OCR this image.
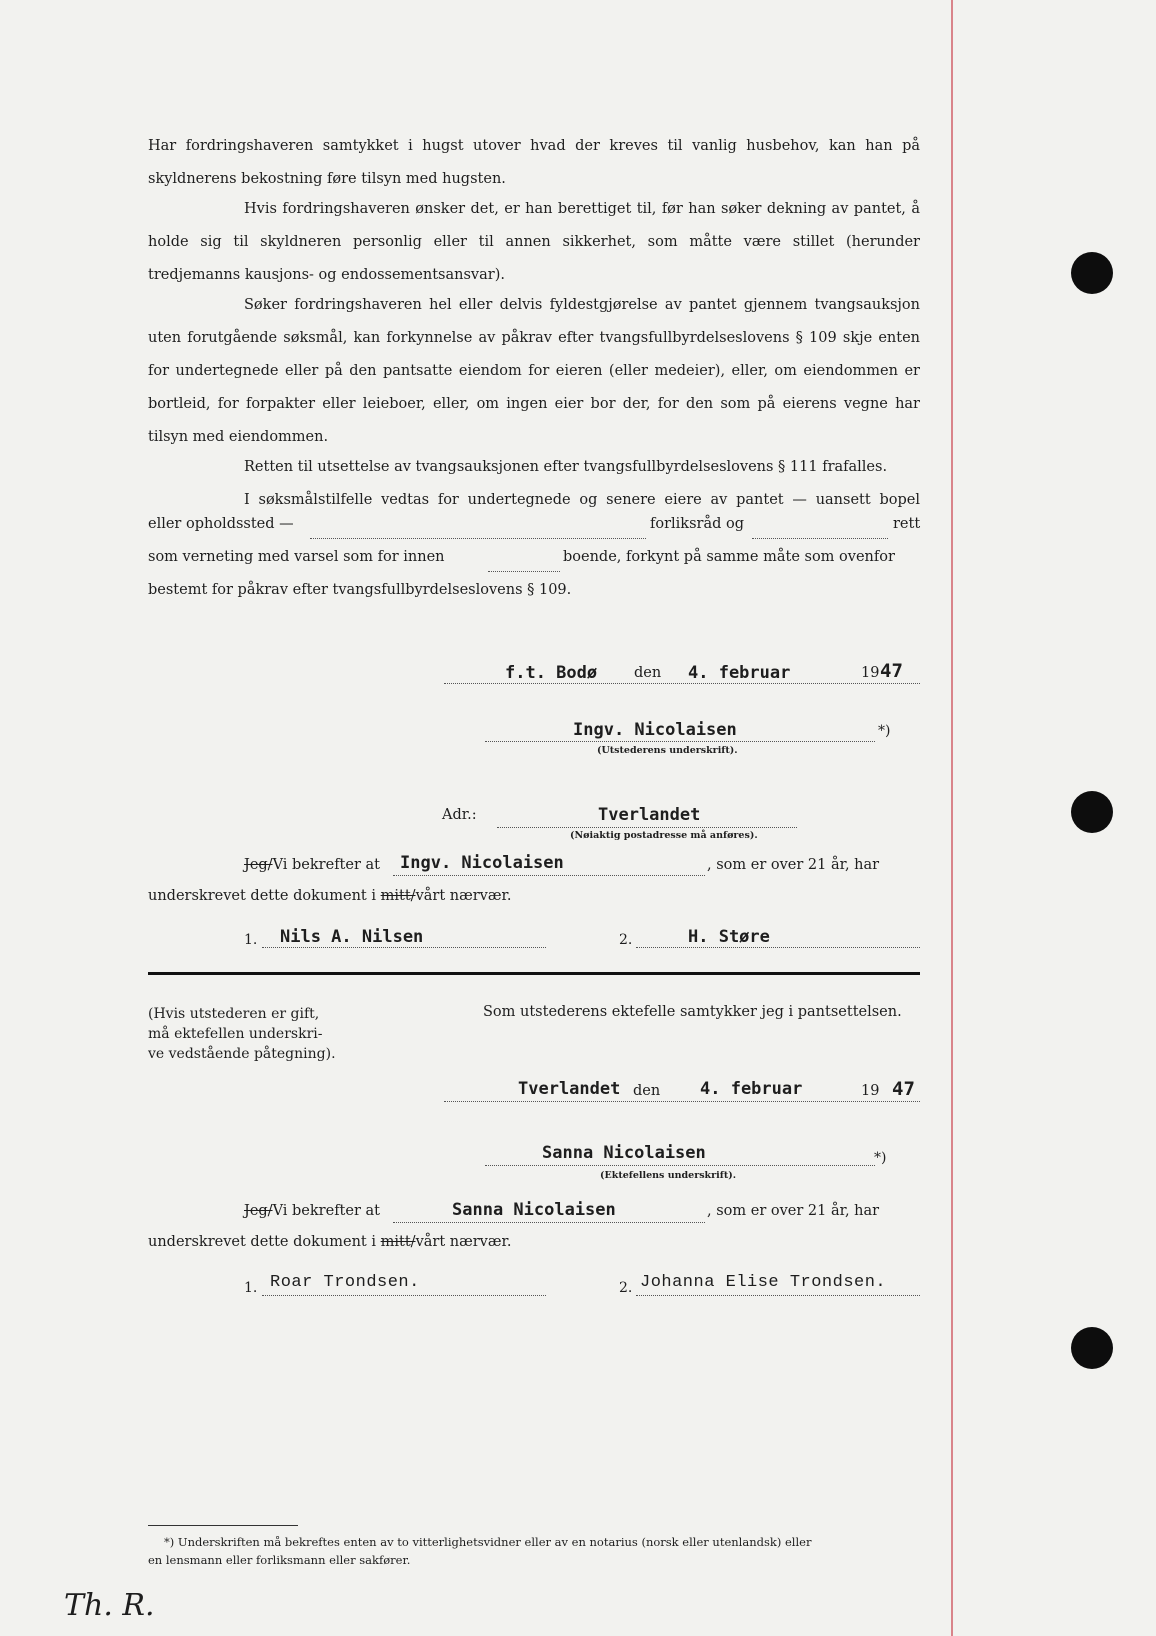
Har fordringshaveren samtykket i hugst utover hvad der kreves til vanlig husbehov, kan han på skyldnerens bekostning føre tilsyn med hugsten.

Hvis fordringshaveren ønsker det, er han berettiget til, før han søker dekning av pantet, å holde sig til skyldneren personlig eller til annen sikkerhet, som måtte være stillet (herunder tredjemanns kausjons- og endossementsansvar).

Søker fordringshaveren hel eller delvis fyldestgjørelse av pantet gjennem tvangsauksjon uten forutgående søksmål, kan forkynnelse av påkrav efter tvangsfullbyrdelseslovens § 109 skje enten for undertegnede eller på den pantsatte eiendom for eieren (eller medeier), eller, om eiendommen er bortleid, for forpakter eller leieboer, eller, om ingen eier bor der, for den som på eierens vegne har tilsyn med eiendommen.

Retten til utsettelse av tvangsauksjonen efter tvangsfullbyrdelseslovens § 111 frafalles.

I søksmålstilfelle vedtas for undertegnede og senere eiere av pantet — uansett bopel

eller opholdssted —	forliksråd og	rett
som verneting med varsel som for innen	boende, forkynt på samme måte som ovenfor
bestemt for påkrav efter tvangsfullbyrdelseslovens § 109.
f.t. Bodø	den 4. februar	19 47
Ingv. Nicolaisen	*)
(Utstederens underskrift).
Adr.:	Tverlandet
(Nøiaktig postadresse må anføres).
Jeg/Vi bekrefter at Ingv. Nicolaisen	, som er over 21 år, har
underskrevet dette dokument i mitt/vårt nærvær.
1. Nils A. Nilsen	2.	H. Støre
(Hvis utstederen er gift,
må ektefellen underskri-
ve vedstående påtegning).
Som utstederens ektefelle samtykker jeg i pantsettelsen.
Tverlandet den 4. februar	19 47
Sanna Nicolaisen	*)
(Ektefellens underskrift).
Jeg/Vi bekrefter at	Sanna Nicolaisen	, som er over 21 år, har
underskrevet dette dokument i mitt/vårt nærvær.
1. Roar Trondsen.	2. Johanna Elise Trondsen.
*) Underskriften må bekreftes enten av to vitterlighetsvidner eller av en notarius (norsk eller utenlandsk) eller
en lensmann eller forliksmann eller sakfører.
Th. R.
